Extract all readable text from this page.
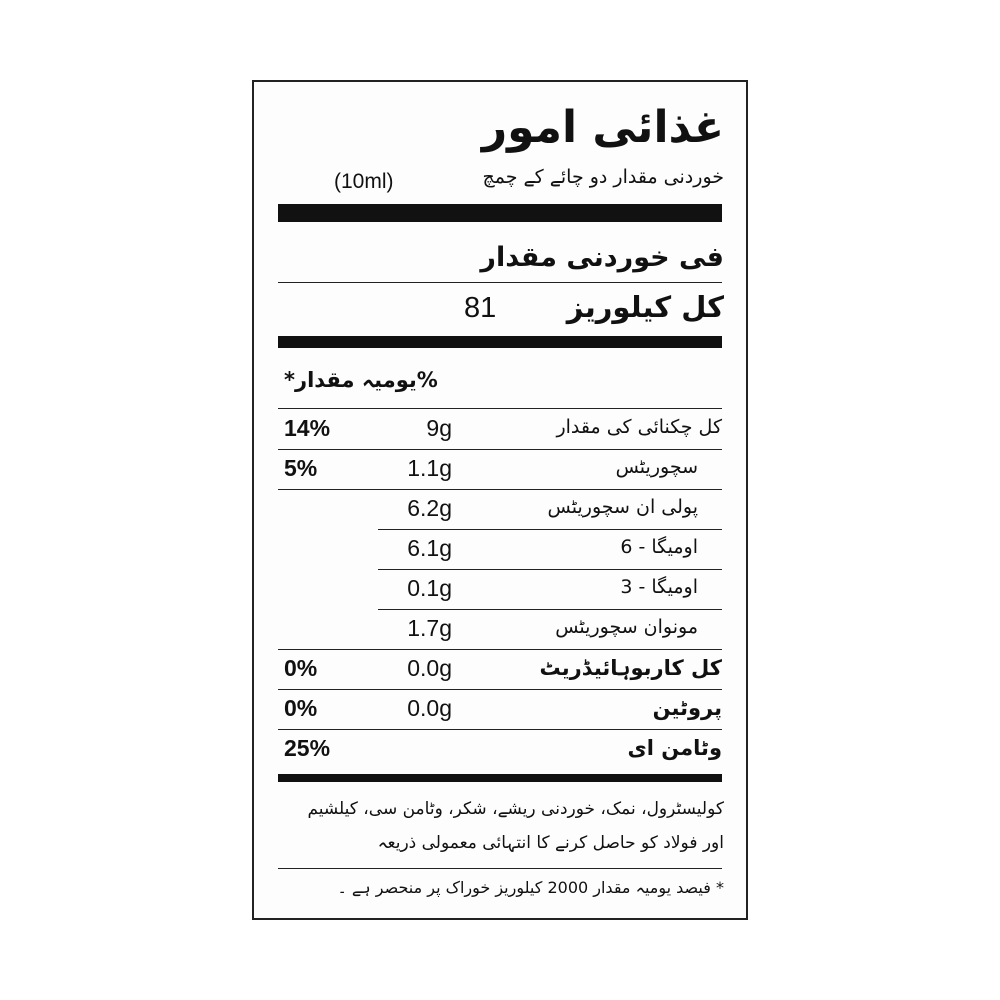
غذائی امور
خوردنی مقدار دو چائے کے چمچ
(10ml)
فی خوردنی مقدار
کل کیلوریز
81
%یومیہ مقدار*
کل چکنائی کی مقدار
9g
14%
سچوریٹس
1.1g
5%
پولی ان سچوریٹس
6.2g
اومیگا - 6
6.1g
اومیگا - 3
0.1g
مونوان سچوریٹس
1.7g
کل کاربوہائیڈریٹ
0.0g
0%
پروٹین
0.0g
0%
وٹامن ای
25%
کولیسٹرول، نمک، خوردنی ریشے، شکر، وٹامن سی، کیلشیم اور فولاد کو حاصل کرنے کا انتہائی معمولی ذریعہ
* فیصد یومیہ مقدار 2000 کیلوریز خوراک پر منحصر ہے ۔
